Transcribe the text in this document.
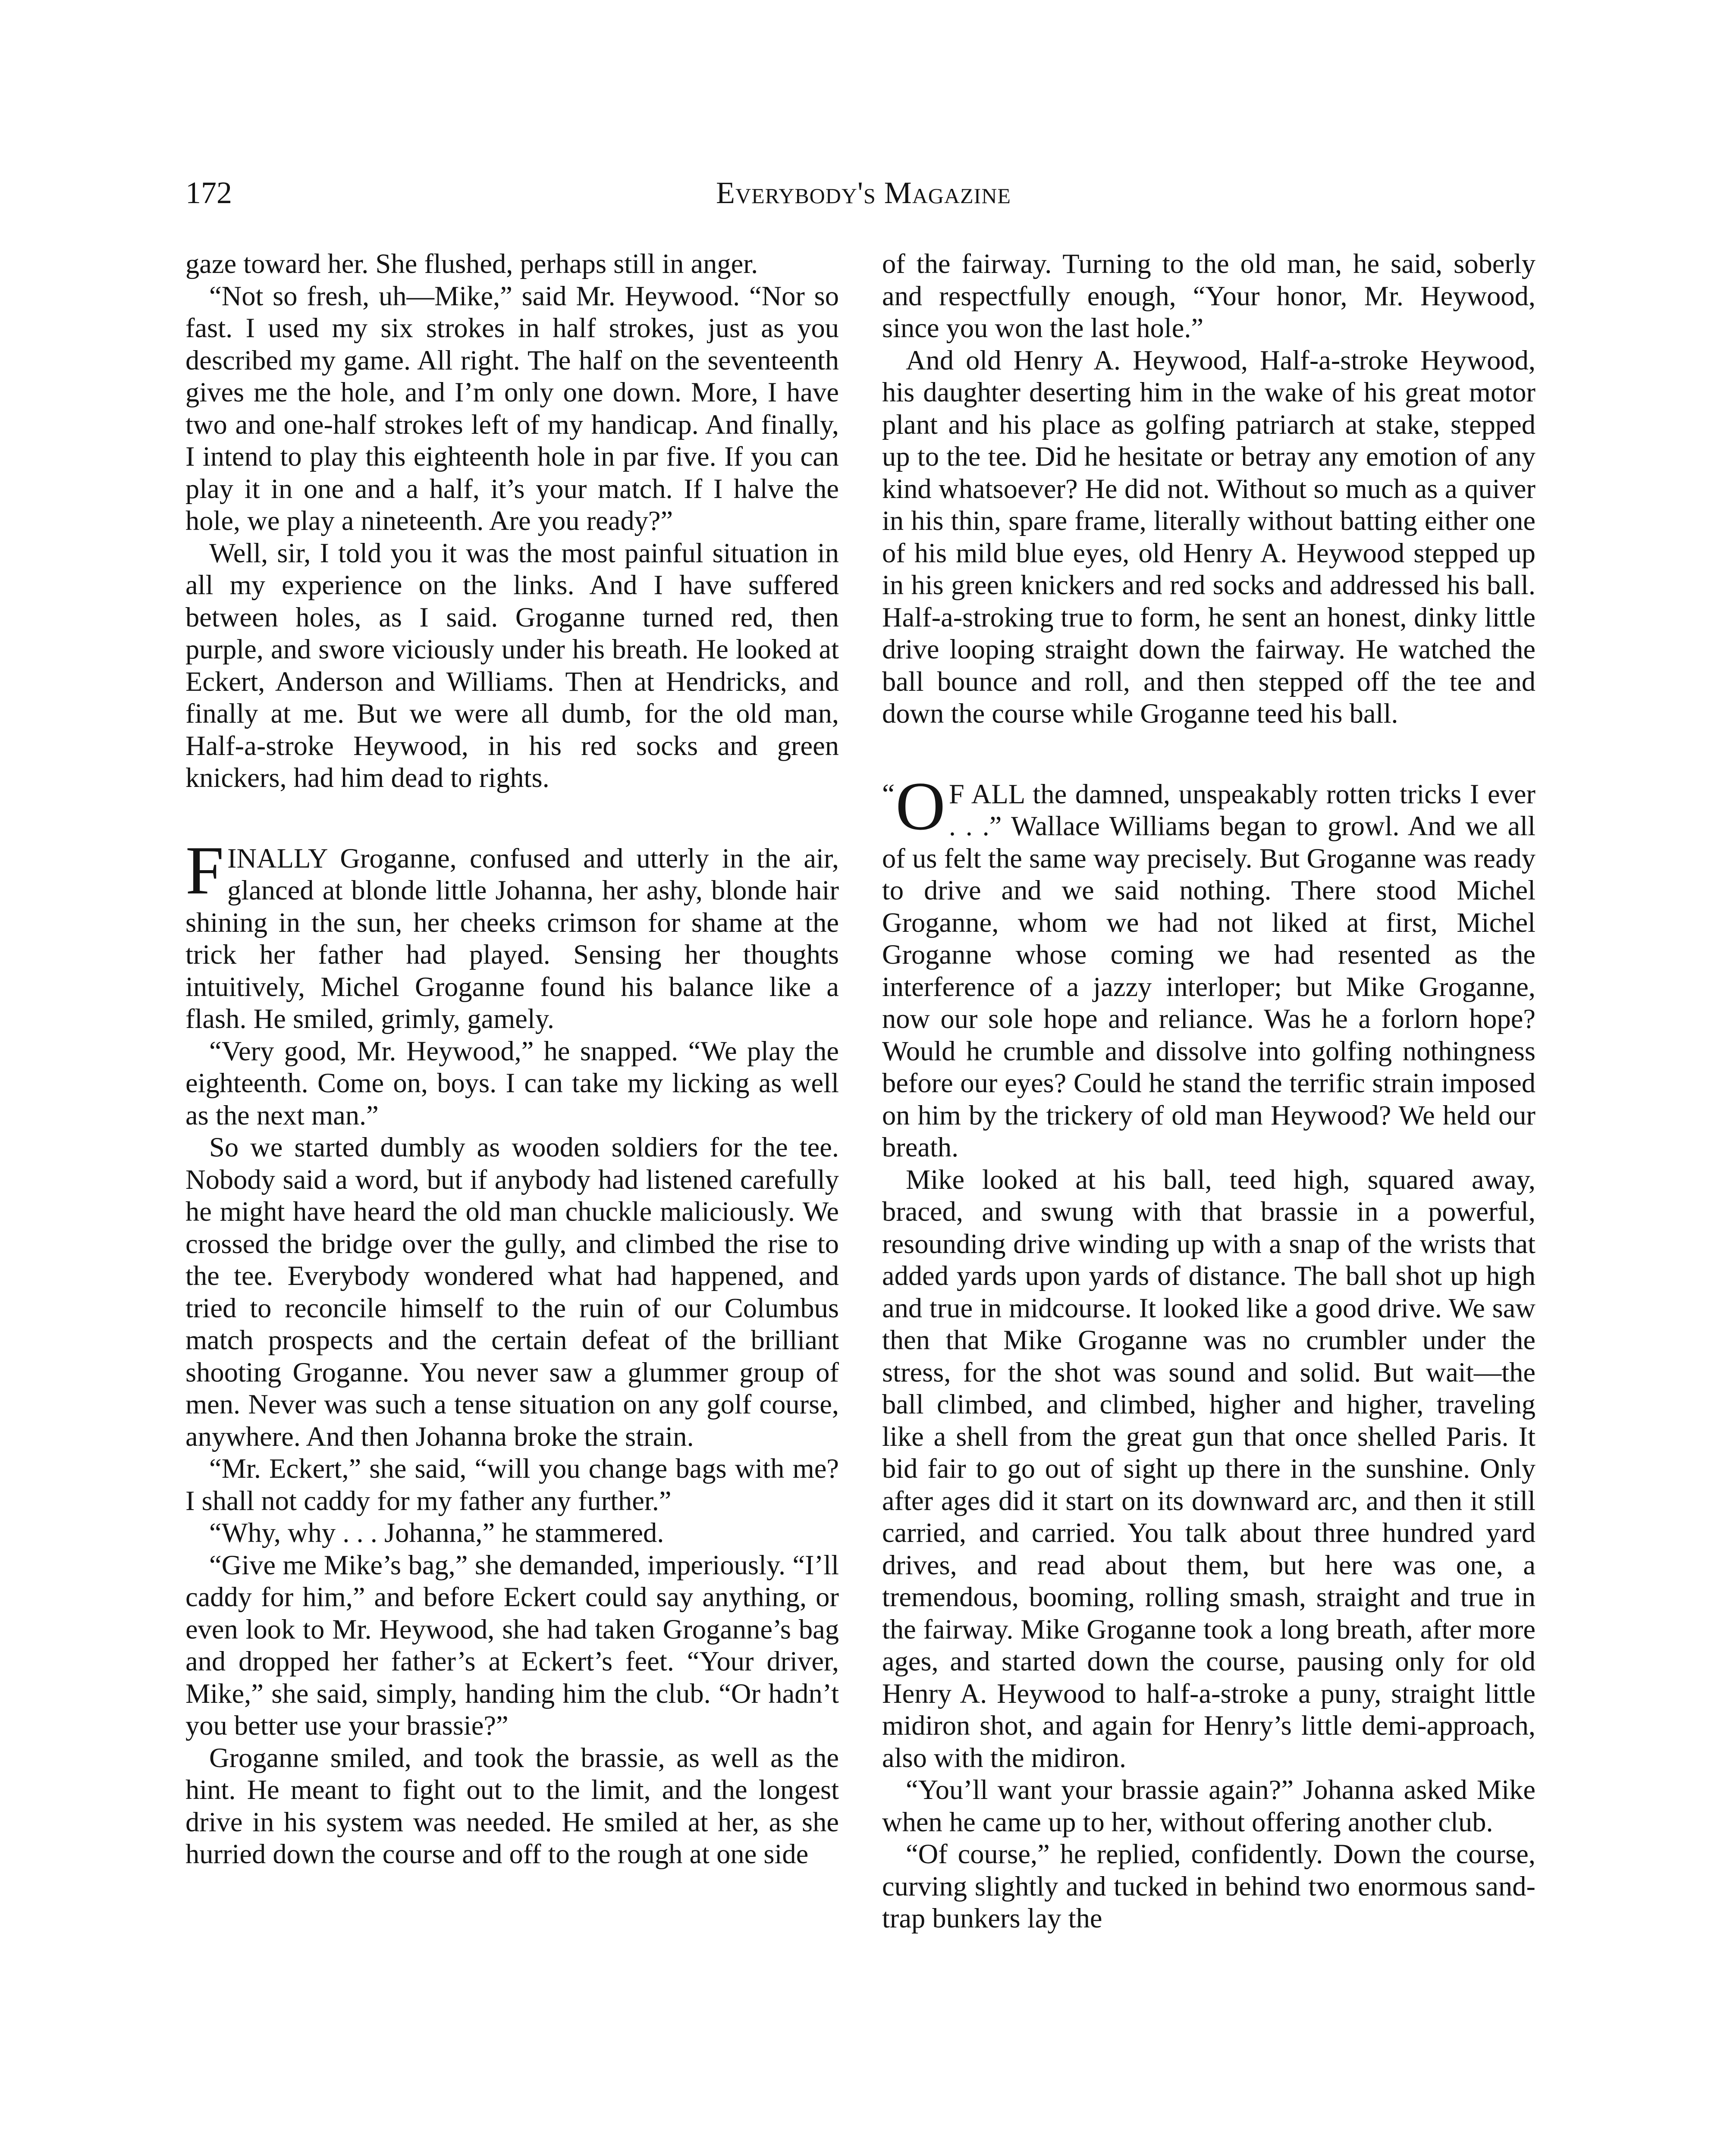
172	Everybody's Magazine

gaze toward her. She flushed, perhaps still in anger.

“Not so fresh, uh—Mike,” said Mr. Heywood. “Nor so fast. I used my six strokes in half strokes, just as you described my game. All right. The half on the seventeenth gives me the hole, and I’m only one down. More, I have two and one-half strokes left of my handicap. And finally, I intend to play this eighteenth hole in par five. If you can play it in one and a half, it’s your match. If I halve the hole, we play a nineteenth. Are you ready?”

Well, sir, I told you it was the most painful situation in all my experience on the links. And I have suffered between holes, as I said. Groganne turned red, then purple, and swore viciously under his breath. He looked at Eckert, Anderson and Williams. Then at Hendricks, and finally at me. But we were all dumb, for the old man, Half-a-stroke Heywood, in his red socks and green knickers, had him dead to rights.

FINALLY Groganne, confused and utterly in the air, glanced at blonde little Johanna, her ashy, blonde hair shining in the sun, her cheeks crimson for shame at the trick her father had played. Sensing her thoughts intuitively, Michel Groganne found his balance like a flash. He smiled, grimly, gamely.

“Very good, Mr. Heywood,” he snapped. “We play the eighteenth. Come on, boys. I can take my licking as well as the next man.”

So we started dumbly as wooden soldiers for the tee. Nobody said a word, but if anybody had listened carefully he might have heard the old man chuckle maliciously. We crossed the bridge over the gully, and climbed the rise to the tee. Everybody wondered what had happened, and tried to reconcile himself to the ruin of our Columbus match prospects and the certain defeat of the brilliant shooting Groganne. You never saw a glummer group of men. Never was such a tense situation on any golf course, anywhere. And then Johanna broke the strain.

“Mr. Eckert,” she said, “will you change bags with me? I shall not caddy for my father any further.”

“Why, why . . . Johanna,” he stammered.

“Give me Mike’s bag,” she demanded, imperiously. “I’ll caddy for him,” and before Eckert could say anything, or even look to Mr. Heywood, she had taken Groganne’s bag and dropped her father’s at Eckert’s feet. “Your driver, Mike,” she said, simply, handing him the club. “Or hadn’t you better use your brassie?”

Groganne smiled, and took the brassie, as well as the hint. He meant to fight out to the limit, and the longest drive in his system was needed. He smiled at her, as she hurried down the course and off to the rough at one side

of the fairway. Turning to the old man, he said, soberly and respectfully enough, “Your honor, Mr. Heywood, since you won the last hole.”

And old Henry A. Heywood, Half-a-stroke Heywood, his daughter deserting him in the wake of his great motor plant and his place as golfing patriarch at stake, stepped up to the tee. Did he hesitate or betray any emotion of any kind whatsoever? He did not. Without so much as a quiver in his thin, spare frame, literally without batting either one of his mild blue eyes, old Henry A. Heywood stepped up in his green knickers and red socks and addressed his ball. Half-a-stroking true to form, he sent an honest, dinky little drive looping straight down the fairway. He watched the ball bounce and roll, and then stepped off the tee and down the course while Groganne teed his ball.

“ O F ALL the damned, unspeakably rotten tricks I ever . . .” Wallace Williams began to growl. And we all of us felt the same way precisely. But Groganne was ready to drive and we said nothing. There stood Michel Groganne, whom we had not liked at first, Michel Groganne whose coming we had resented as the interference of a jazzy interloper; but Mike Groganne, now our sole hope and reliance. Was he a forlorn hope? Would he crumble and dissolve into golfing nothingness before our eyes? Could he stand the terrific strain imposed on him by the trickery of old man Heywood? We held our breath.

Mike looked at his ball, teed high, squared away, braced, and swung with that brassie in a powerful, resounding drive winding up with a snap of the wrists that added yards upon yards of distance. The ball shot up high and true in midcourse. It looked like a good drive. We saw then that Mike Groganne was no crumbler under the stress, for the shot was sound and solid. But wait—the ball climbed, and climbed, higher and higher, traveling like a shell from the great gun that once shelled Paris. It bid fair to go out of sight up there in the sunshine. Only after ages did it start on its downward arc, and then it still carried, and carried. You talk about three hundred yard drives, and read about them, but here was one, a tremendous, booming, rolling smash, straight and true in the fairway. Mike Groganne took a long breath, after more ages, and started down the course, pausing only for old Henry A. Heywood to half-a-stroke a puny, straight little midiron shot, and again for Henry’s little demi-approach, also with the midiron.

“You’ll want your brassie again?” Johanna asked Mike when he came up to her, without offering another club.

“Of course,” he replied, confidently. Down the course, curving slightly and tucked in behind two enormous sand-trap bunkers lay the
